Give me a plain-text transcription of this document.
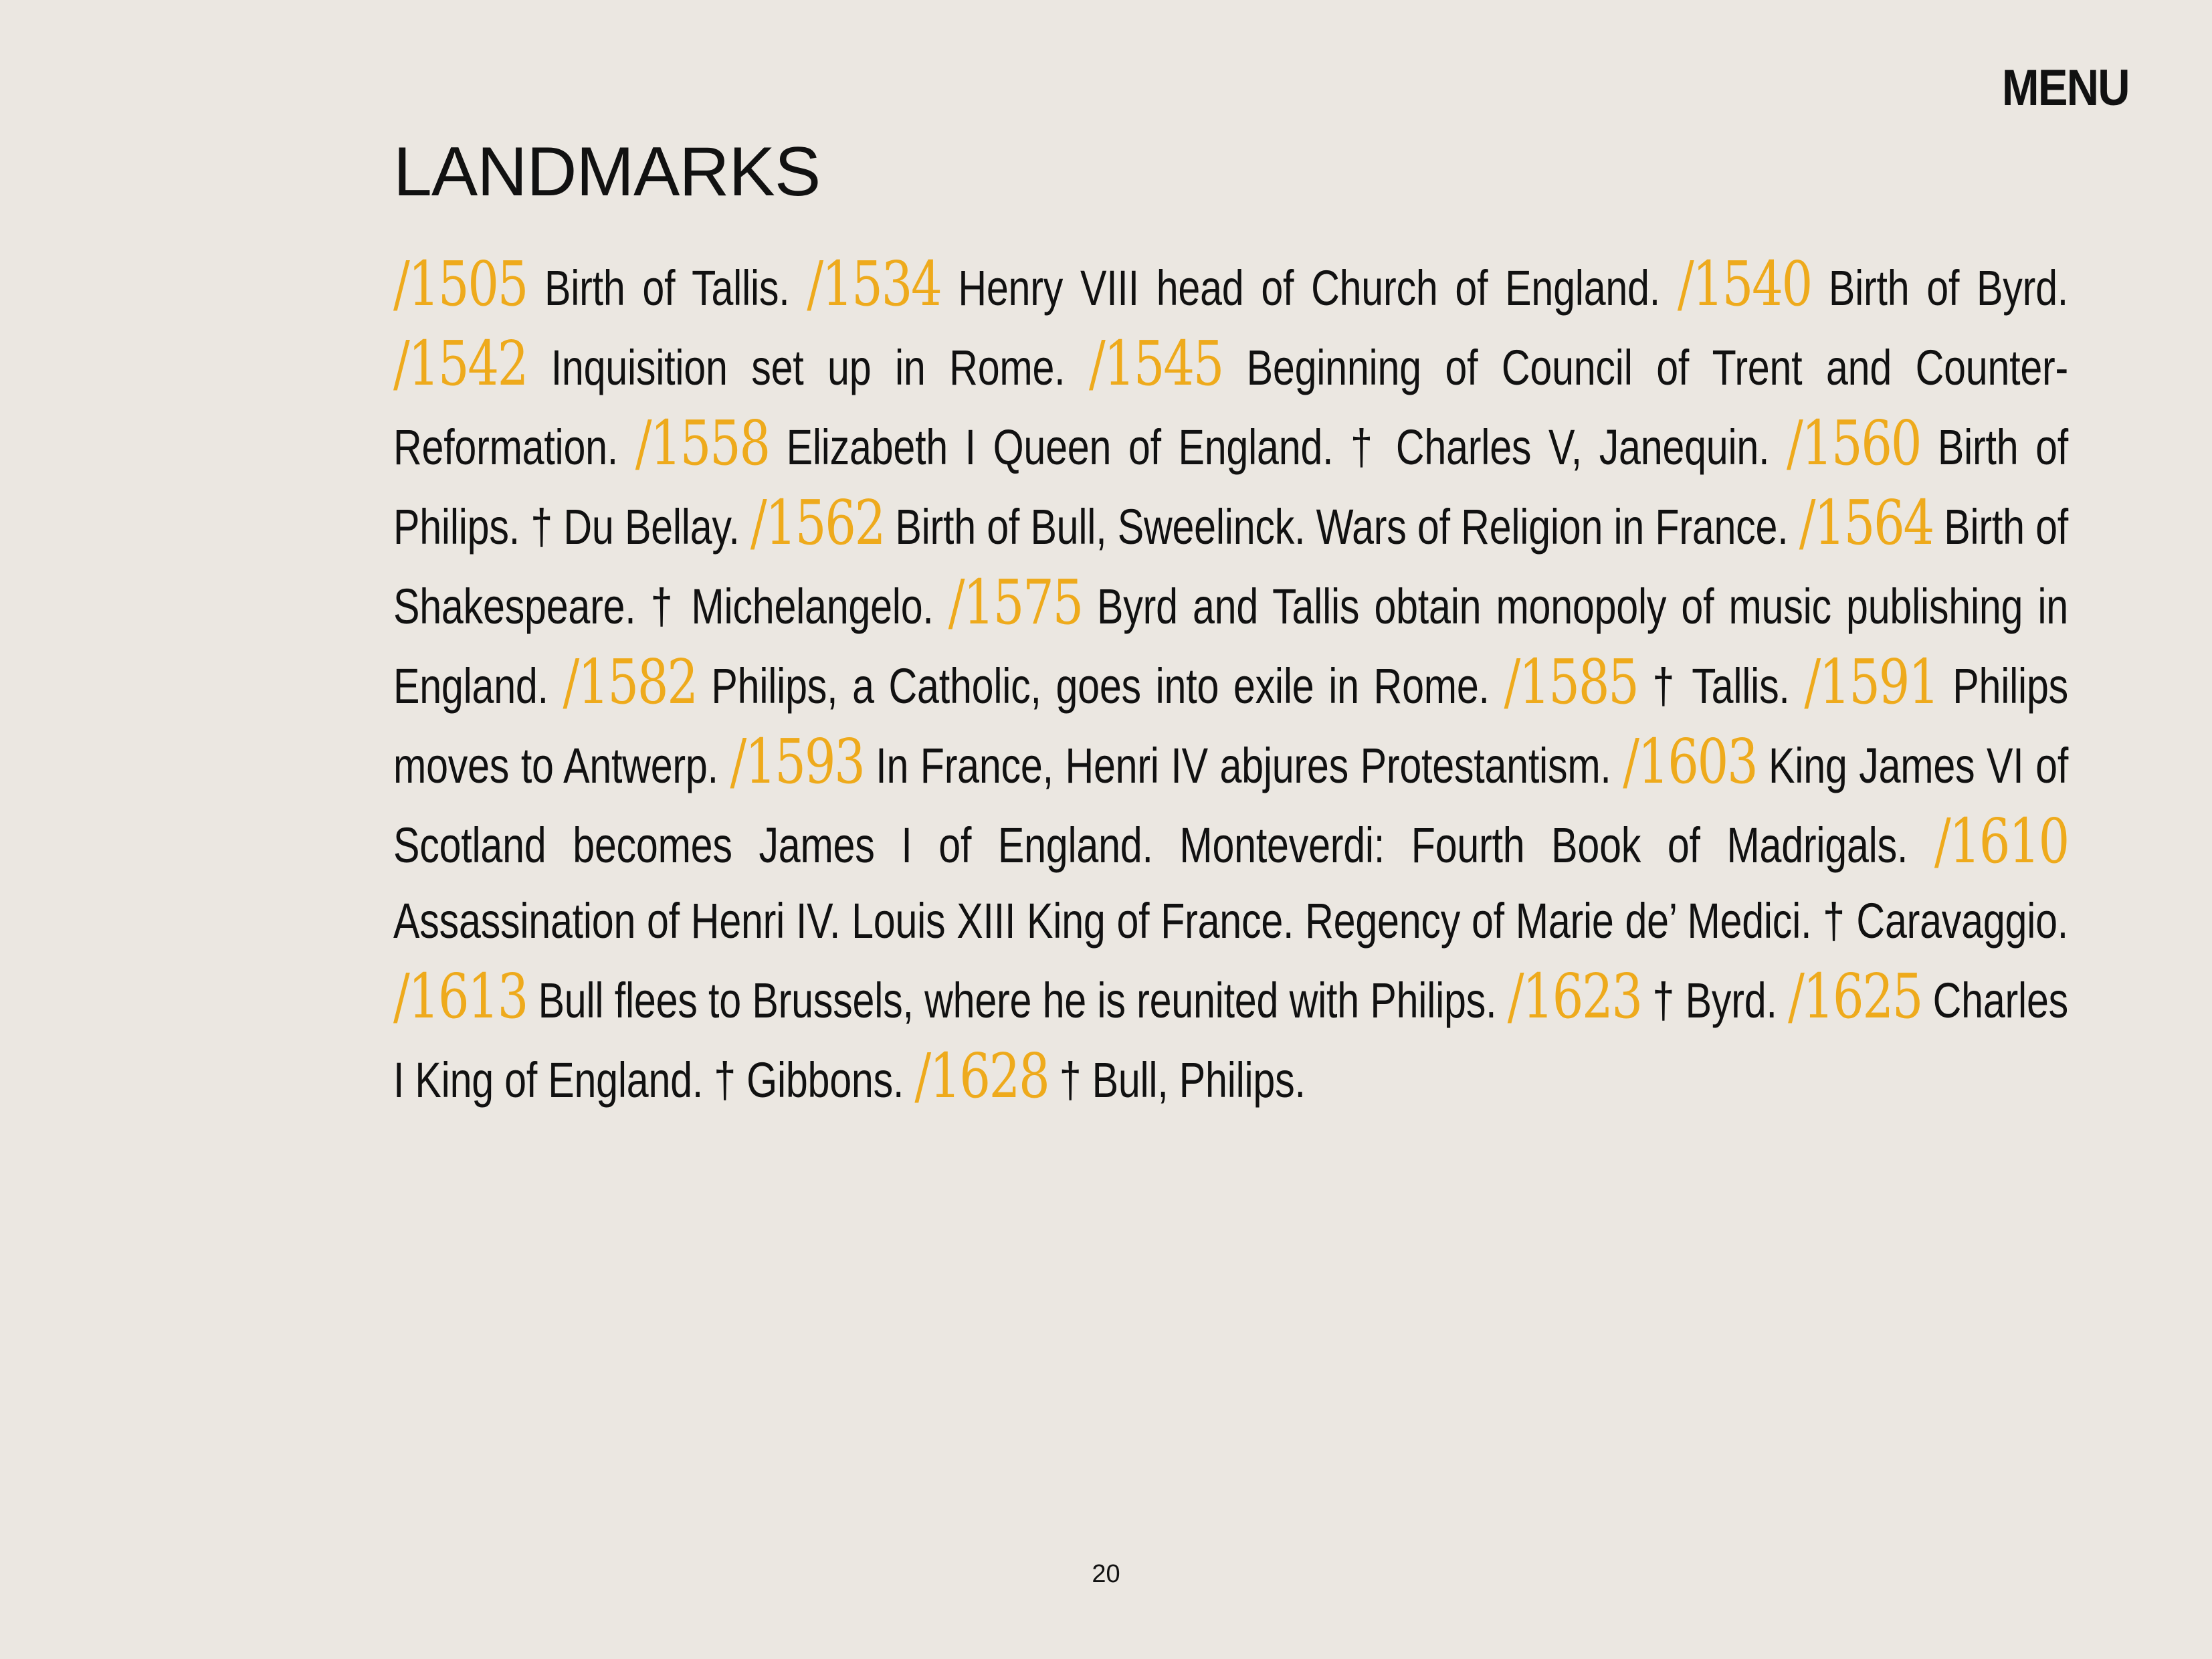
MENU
LANDMARKS

/1505 Birth of Tallis. /1534 Henry VIII head of Church of England. /1540 Birth of Byrd. /1542 Inquisition set up in Rome. /1545 Beginning of Council of Trent and Counter-Reformation. /1558 Elizabeth I Queen of England. † Charles V, Janequin. /1560 Birth of Philips. † Du Bellay. /1562 Birth of Bull, Sweelinck. Wars of Religion in France. /1564 Birth of Shakespeare. † Michelangelo. /1575 Byrd and Tallis obtain monopoly of music publishing in England. /1582 Philips, a Catholic, goes into exile in Rome. /1585 † Tallis. /1591 Philips moves to Antwerp. /1593 In France, Henri IV abjures Protestantism. /1603 King James VI of Scotland becomes James I of England. Monteverdi: Fourth Book of Madrigals. /1610 Assassination of Henri IV. Louis XIII King of France. Regency of Marie de’ Medici. † Caravaggio. /1613 Bull flees to Brussels, where he is reunited with Philips. /1623 † Byrd. /1625 Charles I King of England. † Gibbons. /1628 † Bull, Philips.

20
